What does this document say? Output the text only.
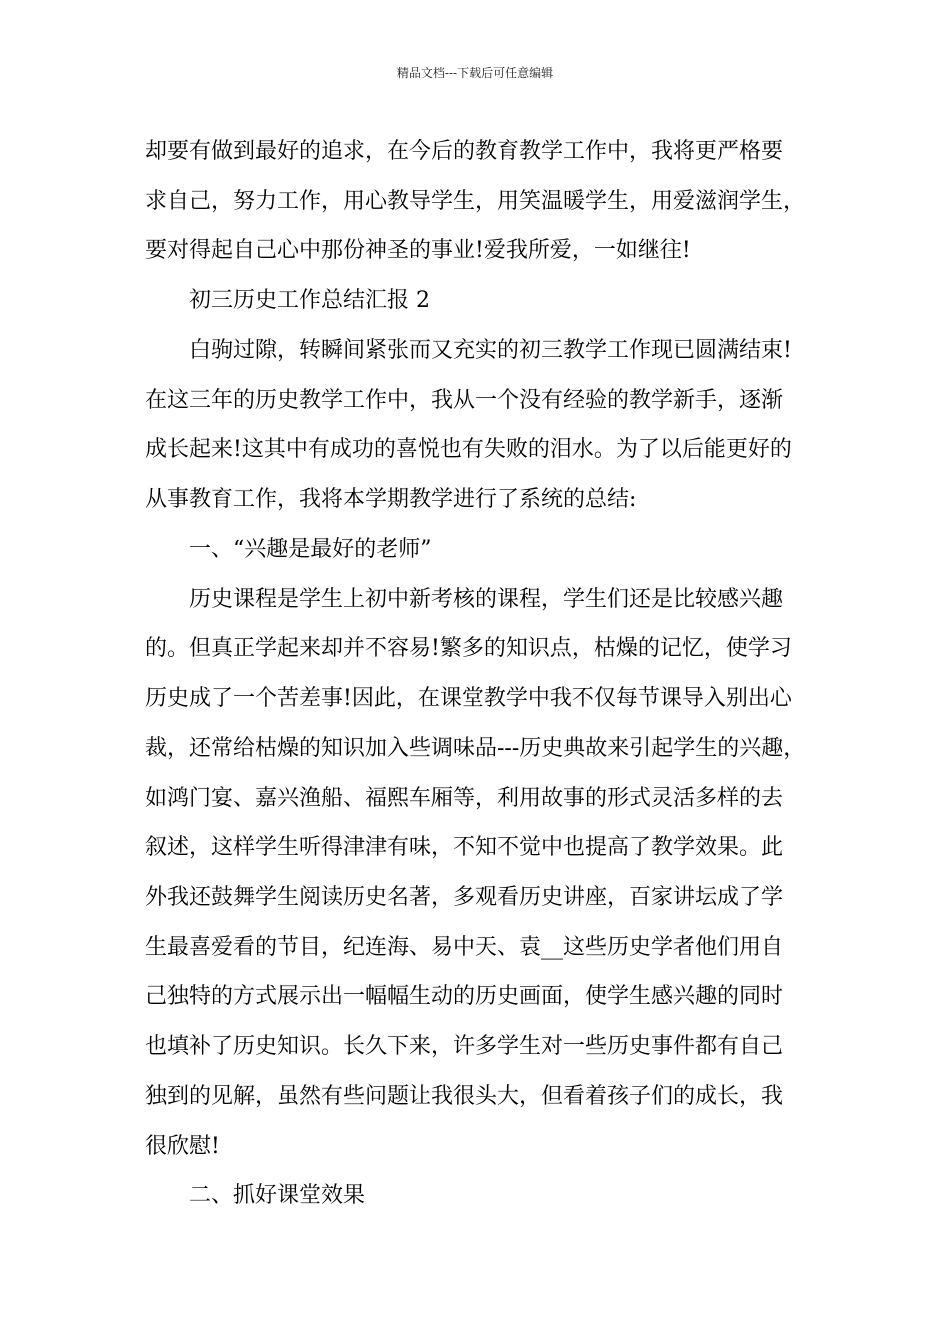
精品文档---下载后可任意编辑
却要有做到最好的追求，在今后的教育教学工作中，我将更严格要
求自己，努力工作，用心教导学生，用笑温暖学生，用爱滋润学生，
要对得起自己心中那份神圣的事业!爱我所爱，一如继往!
初三历史工作总结汇报 2
白驹过隙，转瞬间紧张而又充实的初三教学工作现已圆满结束!
在这三年的历史教学工作中，我从一个没有经验的教学新手，逐渐
成长起来!这其中有成功的喜悦也有失败的泪水。为了以后能更好的
从事教育工作，我将本学期教学进行了系统的总结:
一、“兴趣是最好的老师”
历史课程是学生上初中新考核的课程，学生们还是比较感兴趣
的。但真正学起来却并不容易!繁多的知识点，枯燥的记忆，使学习
历史成了一个苦差事!因此，在课堂教学中我不仅每节课导入别出心
裁，还常给枯燥的知识加入些调味品---历史典故来引起学生的兴趣，
如鸿门宴、嘉兴渔船、福熙车厢等，利用故事的形式灵活多样的去
叙述，这样学生听得津津有味，不知不觉中也提高了教学效果。此
外我还鼓舞学生阅读历史名著，多观看历史讲座，百家讲坛成了学
生最喜爱看的节目，纪连海、易中天、袁__这些历史学者他们用自
己独特的方式展示出一幅幅生动的历史画面，使学生感兴趣的同时
也填补了历史知识。长久下来，许多学生对一些历史事件都有自己
独到的见解，虽然有些问题让我很头大，但看着孩子们的成长，我
很欣慰!
二、抓好课堂效果
